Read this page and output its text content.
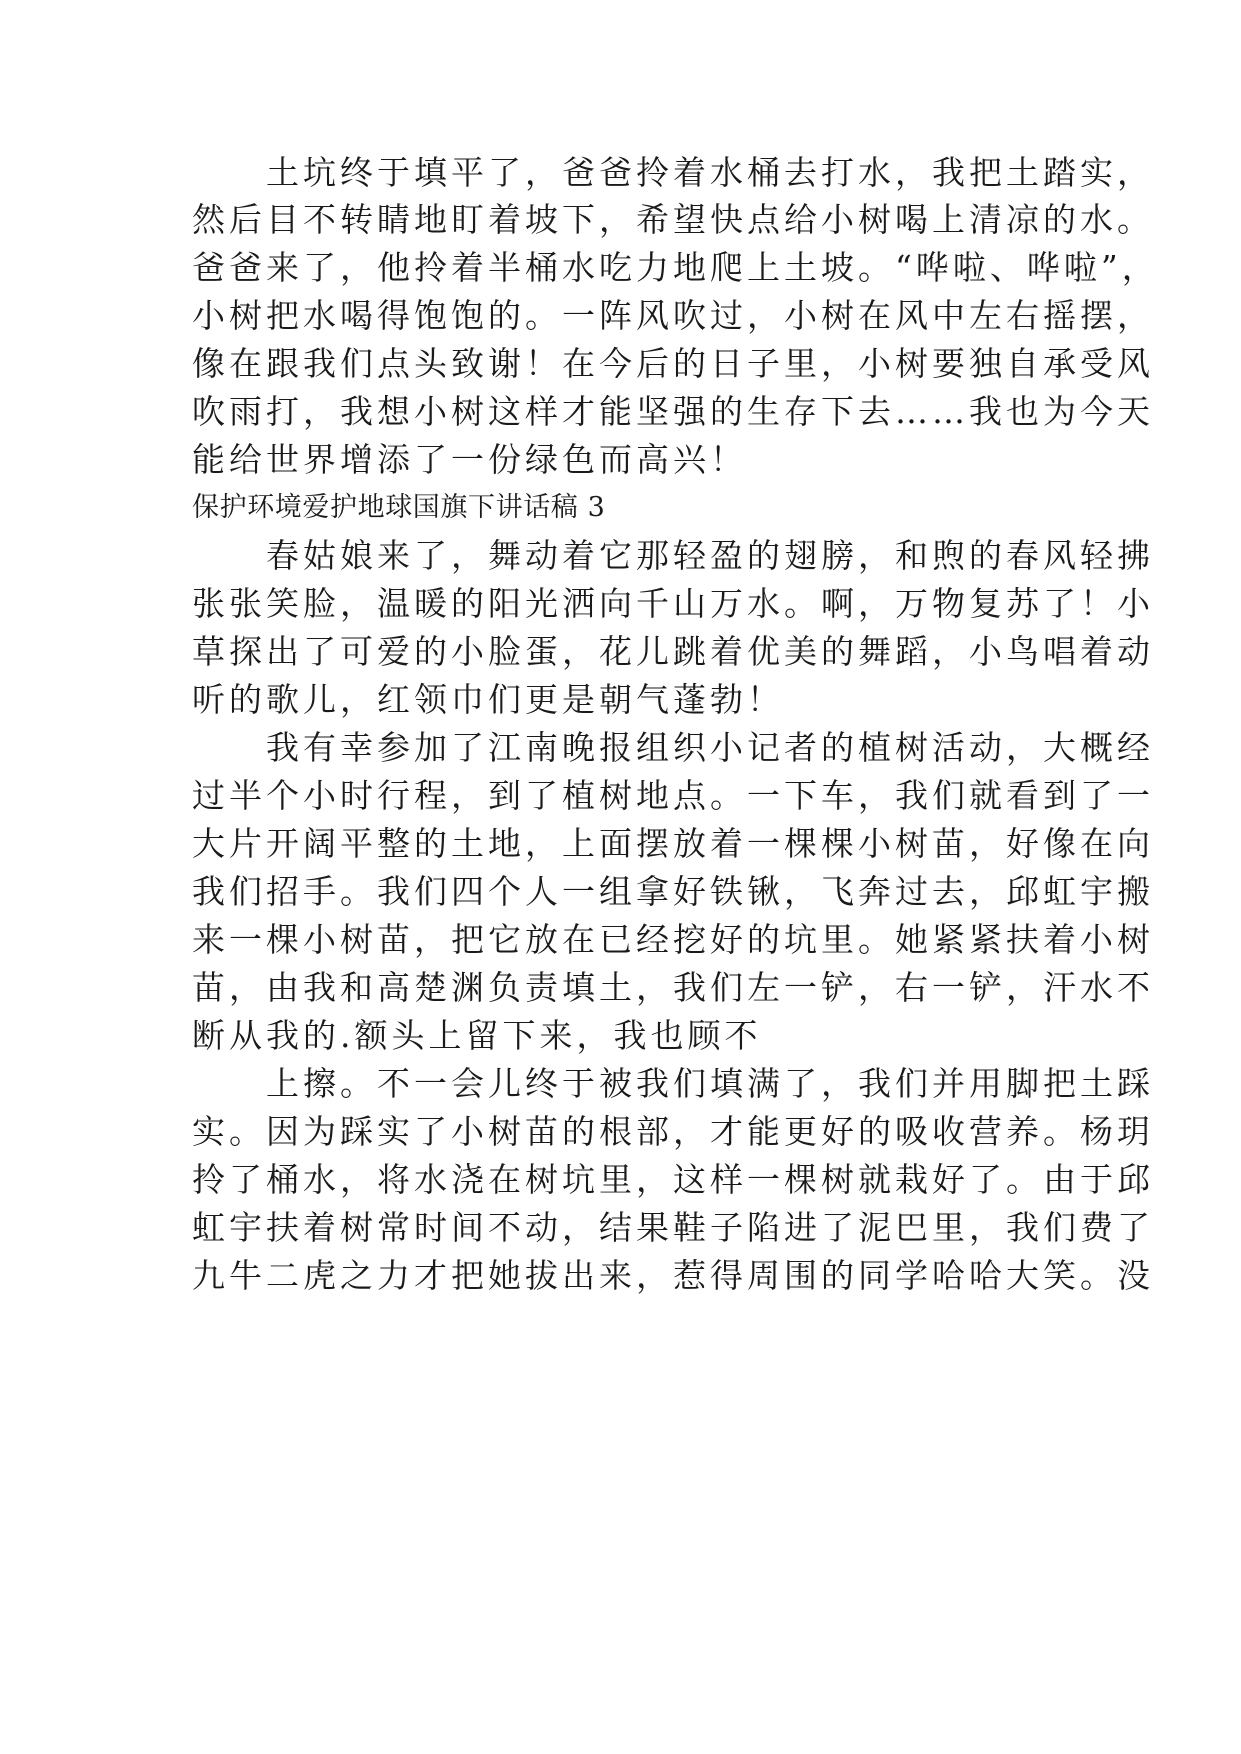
　　土坑终于填平了，爸爸拎着水桶去打水，我把土踏实，

然后目不转睛地盯着坡下，希望快点给小树喝上清凉的水。

爸爸来了，他拎着半桶水吃力地爬上土坡。“哗啦、哗啦”，

小树把水喝得饱饱的。一阵风吹过，小树在风中左右摇摆，

像在跟我们点头致谢！在今后的日子里，小树要独自承受风

吹雨打，我想小树这样才能坚强的生存下去……我也为今天

能给世界增添了一份绿色而高兴！

保护环境爱护地球国旗下讲话稿 3

　　春姑娘来了，舞动着它那轻盈的翅膀，和煦的春风轻拂

张张笑脸，温暖的阳光洒向千山万水。啊，万物复苏了！小

草探出了可爱的小脸蛋，花儿跳着优美的舞蹈，小鸟唱着动

听的歌儿，红领巾们更是朝气蓬勃！

　　我有幸参加了江南晚报组织小记者的植树活动，大概经

过半个小时行程，到了植树地点。一下车，我们就看到了一

大片开阔平整的土地，上面摆放着一棵棵小树苗，好像在向

我们招手。我们四个人一组拿好铁锹，飞奔过去，邱虹宇搬

来一棵小树苗，把它放在已经挖好的坑里。她紧紧扶着小树

苗，由我和高楚渊负责填土，我们左一铲，右一铲，汗水不

断从我的.额头上留下来，我也顾不

　　上擦。不一会儿终于被我们填满了，我们并用脚把土踩

实。因为踩实了小树苗的根部，才能更好的吸收营养。杨玥

拎了桶水，将水浇在树坑里，这样一棵树就栽好了。由于邱

虹宇扶着树常时间不动，结果鞋子陷进了泥巴里，我们费了

九牛二虎之力才把她拔出来，惹得周围的同学哈哈大笑。没
